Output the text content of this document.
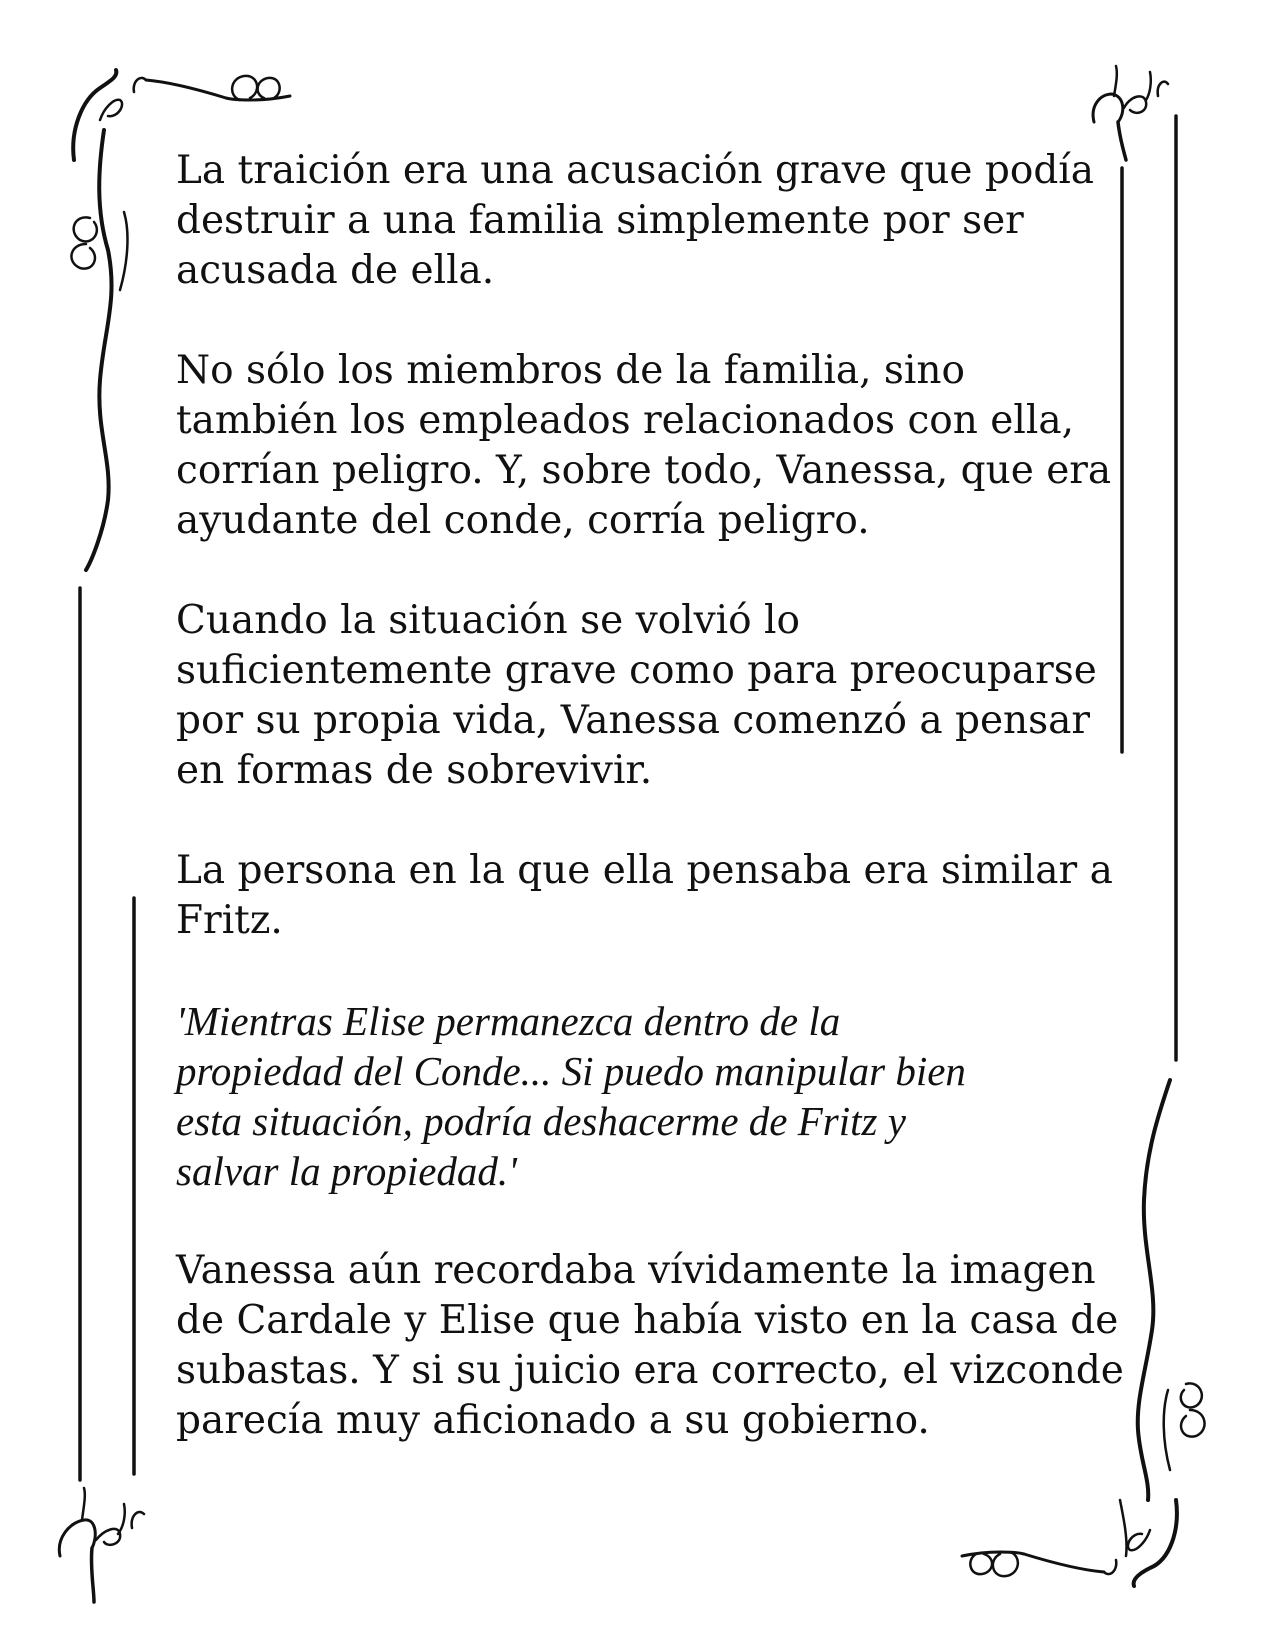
La traición era una acusación grave que podía
destruir a una familia simplemente por ser
acusada de ella.

No sólo los miembros de la familia, sino
también los empleados relacionados con ella,
corrían peligro. Y, sobre todo, Vanessa, que era
ayudante del conde, corría peligro.

Cuando la situación se volvió lo
suficientemente grave como para preocuparse
por su propia vida, Vanessa comenzó a pensar
en formas de sobrevivir.

La persona en la que ella pensaba era similar a
Fritz.

'Mientras Elise permanezca dentro de la
propiedad del Conde... Si puedo manipular bien
esta situación, podría deshacerme de Fritz y
salvar la propiedad.'

Vanessa aún recordaba vívidamente la imagen
de Cardale y Elise que había visto en la casa de
subastas. Y si su juicio era correcto, el vizconde
parecía muy aficionado a su gobierno.
